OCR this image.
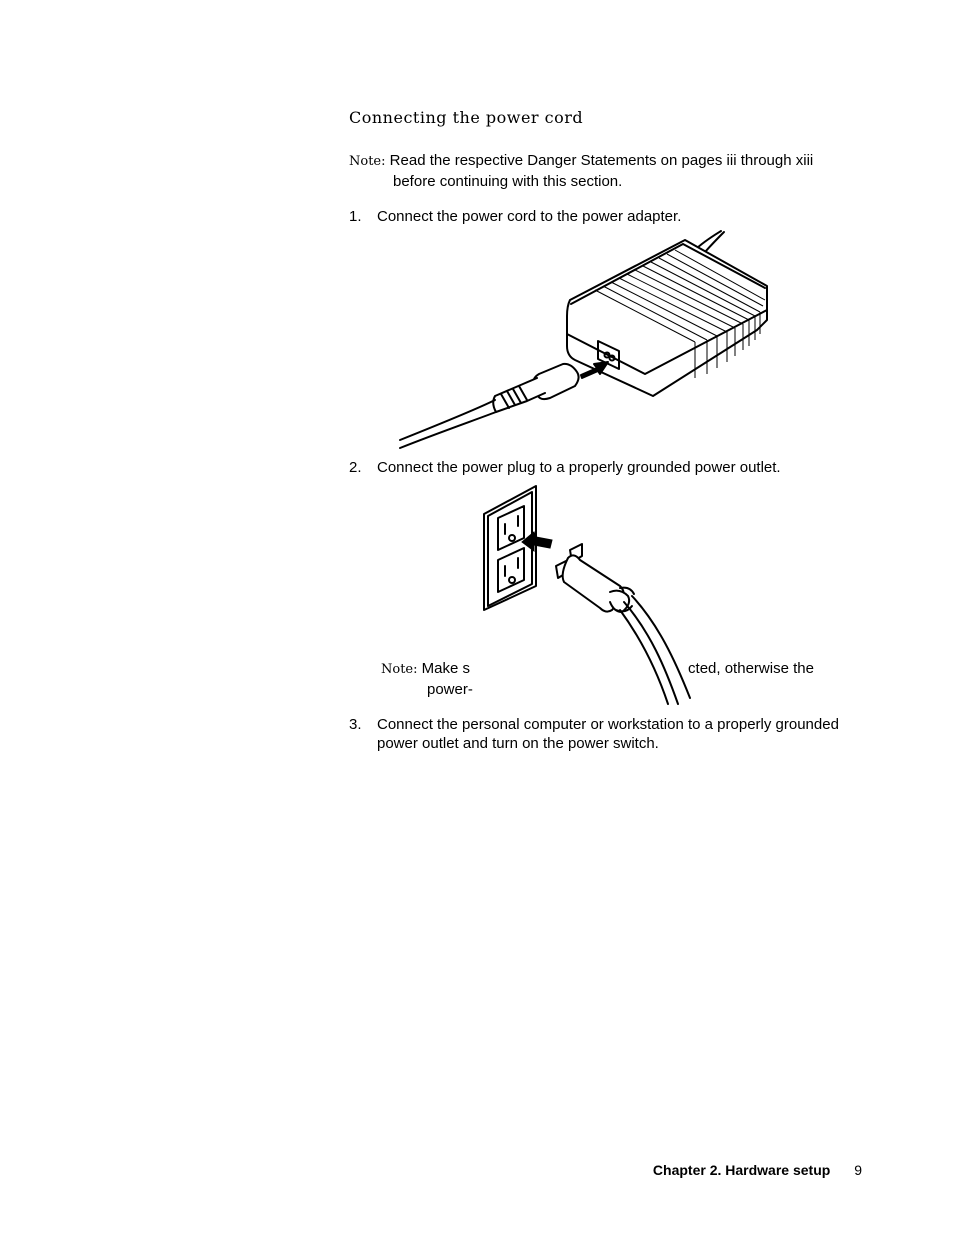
Connecting the power cord
Note: Read the respective Danger Statements on pages iii through xiii
before continuing with this section.
1.	Connect the power cord to the power adapter.
2.	Connect the power plug to a properly grounded power outlet.
Note: Make s	cted, otherwise the
power-
3.	Connect the personal computer or workstation to a properly grounded
power outlet and turn on the power switch.
Chapter 2. Hardware setup 9
